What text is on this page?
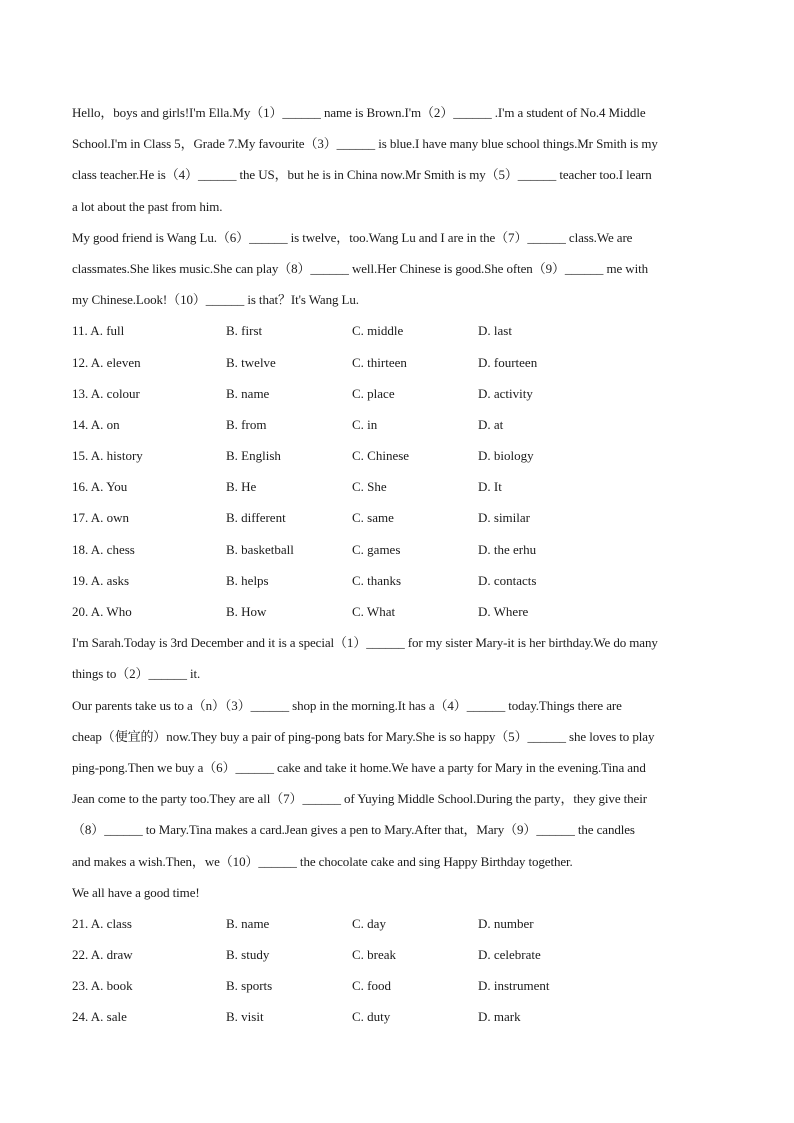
Hello，boys and girls!I'm Ella.My（1）______ name is Brown.I'm（2）______ .I'm a student of No.4 Middle
School.I'm in Class 5，Grade 7.My favourite（3）______ is blue.I have many blue school things.Mr Smith is my
class teacher.He is（4）______ the US，but he is in China now.Mr Smith is my（5）______ teacher too.I learn
a lot about the past from him.
My good friend is Wang Lu.（6）______ is twelve，too.Wang Lu and I are in the（7）______ class.We are
classmates.She likes music.She can play（8）______ well.Her Chinese is good.She often（9）______ me with
my Chinese.Look!（10）______ is that？It's Wang Lu.
11. A. full	B. first	C. middle	D. last
12. A. eleven	B. twelve	C. thirteen	D. fourteen
13. A. colour	B. name	C. place	D. activity
14. A. on	B. from	C. in	D. at
15. A. history	B. English	C. Chinese	D. biology
16. A. You	B. He	C. She	D. It
17. A. own	B. different	C. same	D. similar
18. A. chess	B. basketball	C. games	D. the erhu
19. A. asks	B. helps	C. thanks	D. contacts
20. A. Who	B. How	C. What	D. Where
I'm Sarah.Today is 3rd December and it is a special（1）______ for my sister Mary-it is her birthday.We do many
things to（2）______ it.
Our parents take us to a（n）（3）______ shop in the morning.It has a（4）______ today.Things there are
cheap（便宜的）now.They buy a pair of ping-pong bats for Mary.She is so happy（5）______ she loves to play
ping-pong.Then we buy a（6）______ cake and take it home.We have a party for Mary in the evening.Tina and
Jean come to the party too.They are all（7）______ of Yuying Middle School.During the party，they give their
（8）______ to Mary.Tina makes a card.Jean gives a pen to Mary.After that，Mary（9）______ the candles
and makes a wish.Then，we（10）______ the chocolate cake and sing Happy Birthday together.
We all have a good time!
21. A. class	B. name	C. day	D. number
22. A. draw	B. study	C. break	D. celebrate
23. A. book	B. sports	C. food	D. instrument
24. A. sale	B. visit	C. duty	D. mark
